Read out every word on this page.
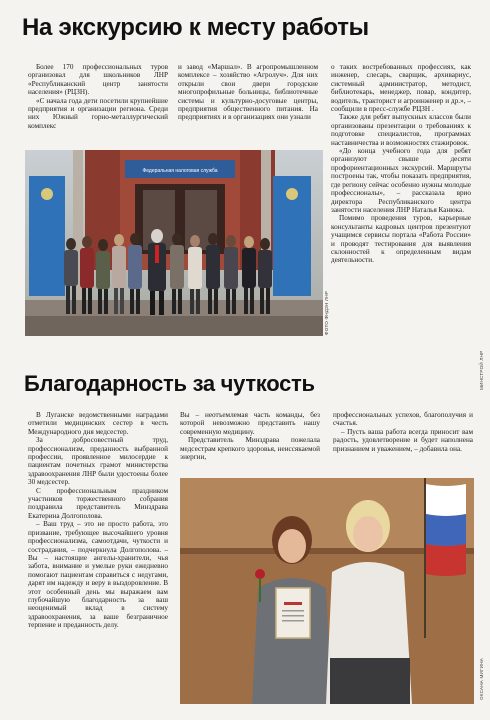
На экскурсию к месту работы

Более 170 профессиональных туров организовал для школьников ЛНР «Республиканский центр занятости населения» (РЦЗН).

«С начала года дети посетили крупнейшие предприятия и организации региона. Среди них Южный горно-металлургический комплекс

и завод «Маршал». В агропромышленном комплексе – хозяйство «Агролуч». Для них открыли свои двери городские многопрофильные больницы, библиотечные системы и культурно-досуговые центры, предприятия общественного питания. На предприятиях и в организациях они узнали

о таких востребованных профессиях, как инженер, слесарь, сварщик, архивариус, системный администратор, методист, библиотекарь, менеджер, повар, кондитер, водитель, тракторист и агроинженер и др.», – сообщили в пресс-службе РЦЗН .

Также для ребят выпускных классов были организованы презентации о требованиях к подготовке специалистов, программах наставничества и возможностях стажировок.

«До конца учебного года для ребят организуют свыше десяти профориентационных экскурсий. Маршруты построены так, чтобы показать предприятия, где региону сейчас особенно нужны молодые профессионалы», – рассказала врио директора Республиканского центра занятости населения ЛНР Наталья Канюка.

Помимо проведения туров, карьерные консультанты кадровых центров презентуют учащимся сервисы портала «Работа России» и проводят тестирования для выявления склонностей к определенным видам деятельности.

Федеральная налоговая служба
ФОТО ФНДЗН ЛНР
МИНСТРОЙ ЛНР
Благодарность за чуткость

В Луганске ведомственными наградами отметили медицинских сестер в честь Международного дня медсестер.

За добросовестный труд, профессионализм, преданность выбранной профессии, проявленное милосердие к пациентам почетных грамот министерства здравоохранения ЛНР были удостоены более 30 медсестер.

С профессиональным праздником участников торжественного собрания поздравила представитель Минздрава Екатерина Долгополова.

– Ваш труд – это не просто работа, это призвание, требующее высочайшего уровня профессионализма, самоотдачи, чуткости и сострадания, – подчеркнула Долгополова. – Вы – настоящие ангелы-хранители, чья забота, внимание и умелые руки ежедневно помогают пациентам справиться с недугами, дарят им надежду и веру в выздоровление. В этот особенный день мы выражаем вам глубочайшую благодарность за ваш неоценимый вклад в систему здравоохранения, за ваше безграничное терпение и преданность делу.

Вы – неотъемлемая часть команды, без которой невозможно представить нашу современную медицину.

Представитель Минздрава пожелала медсестрам крепкого здоровья, неиссякаемой энергии,

профессиональных успехов, благополучия и счастья.

– Пусть ваша работа всегда приносит вам радость, удовлетворение и будет наполнена признанием и уважением, – добавила она.

ОКСАНА МИГИНА
